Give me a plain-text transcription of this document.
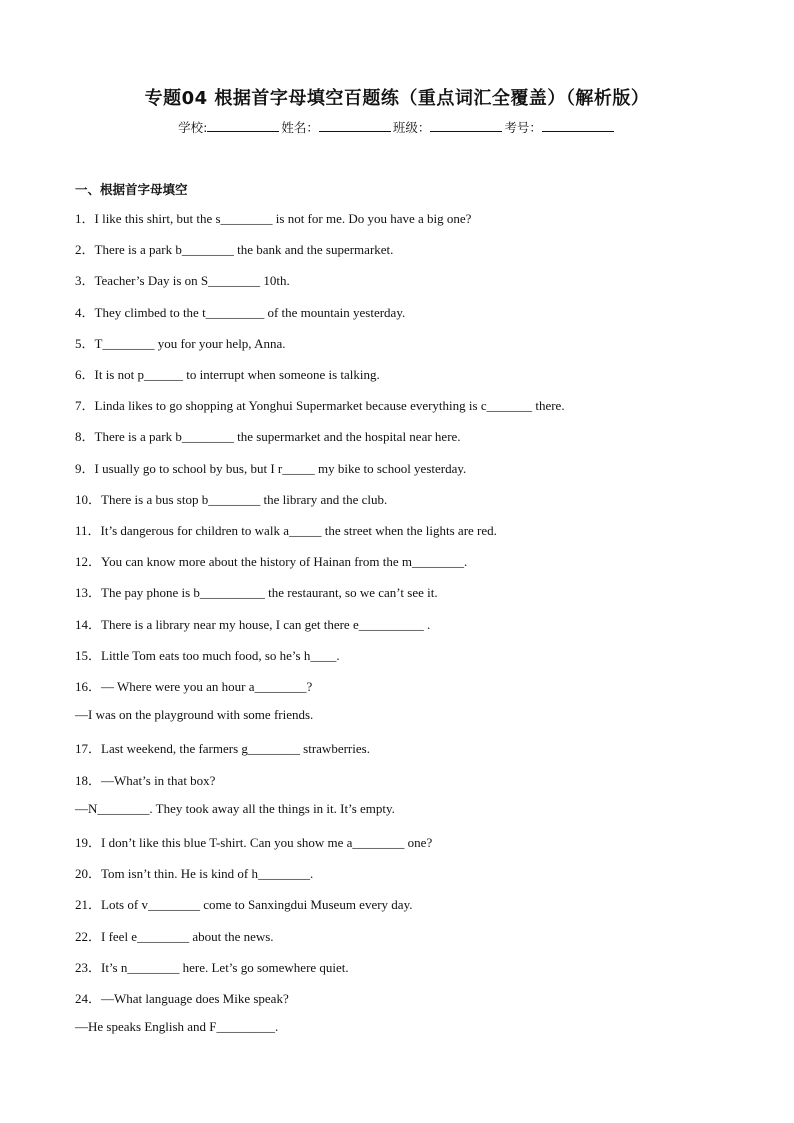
专题04 根据首字母填空百题练（重点词汇全覆盖）（解析版）
学校:	姓名：	班级：	考号：
一、根据首字母填空
1．I like this shirt, but the s________ is not for me. Do you have a big one?
2．There is a park b________ the bank and the supermarket.
3．Teacher’s Day is on S________ 10th.
4．They climbed to the t_________ of the mountain yesterday.
5．T________ you for your help, Anna.
6．It is not p______ to interrupt when someone is talking.
7．Linda likes to go shopping at Yonghui Supermarket because everything is c_______ there.
8．There is a park b________ the supermarket and the hospital near here.
9．I usually go to school by bus, but I r_____ my bike to school yesterday.
10．There is a bus stop b________ the library and the club.
11．It’s dangerous for children to walk a_____ the street when the lights are red.
12．You can know more about the history of Hainan from the m________.
13．The pay phone is b__________ the restaurant, so we can’t see it.
14．There is a library near my house, I can get there e__________ .
15．Little Tom eats too much food, so he’s h____.
16．— Where were you an hour a________?
—I was on the playground with some friends.
17．Last weekend, the farmers g________ strawberries.
18．—What’s in that box?
—N________. They took away all the things in it. It’s empty.
19．I don’t like this blue T-shirt. Can you show me a________ one?
20．Tom isn’t thin. He is kind of h________.
21．Lots of v________ come to Sanxingdui Museum every day.
22．I feel e________ about the news.
23．It’s n________ here. Let’s go somewhere quiet.
24．—What language does Mike speak?
—He speaks English and F_________.
